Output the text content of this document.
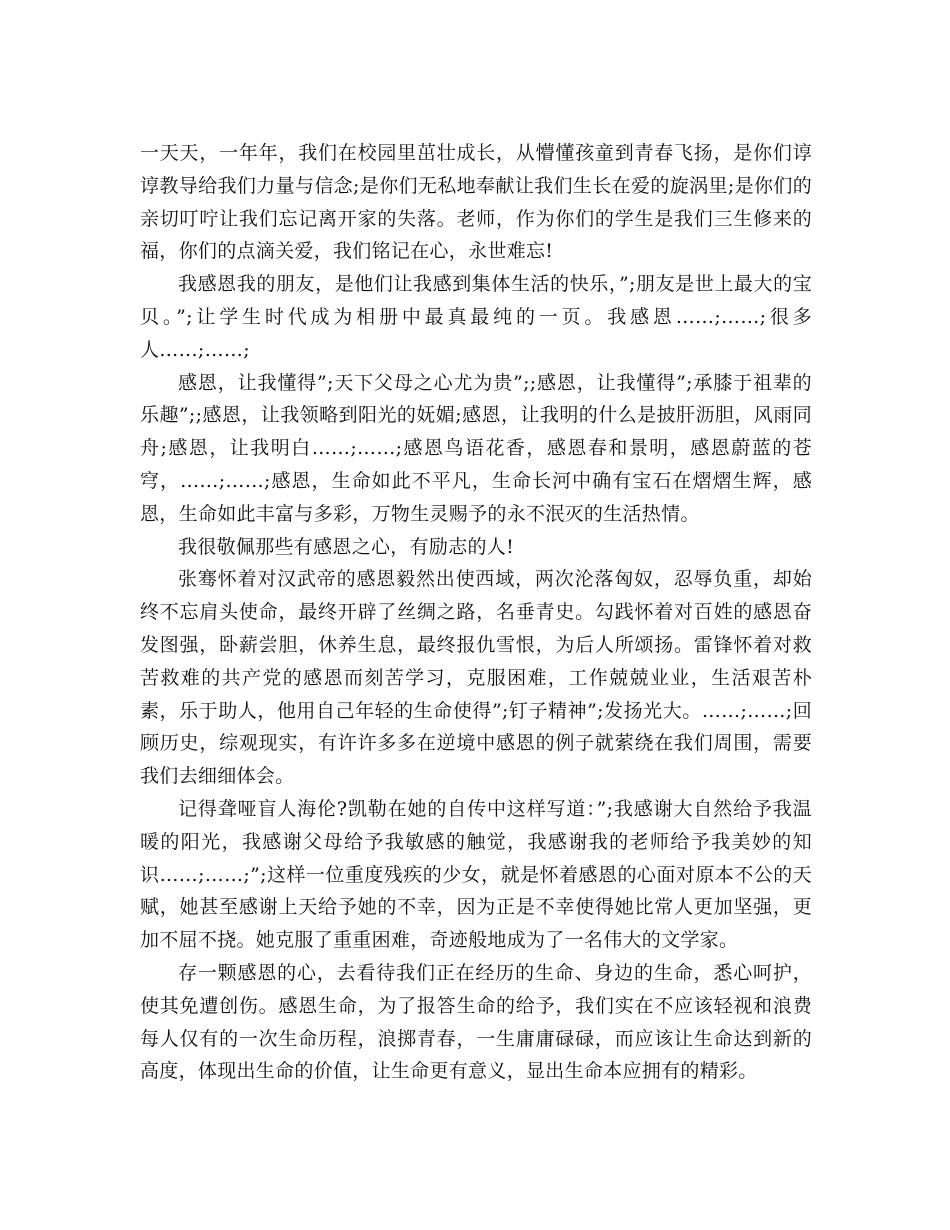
一天天，一年年，我们在校园里茁壮成长，从懵懂孩童到青春飞扬，是你们谆谆教导给我们力量与信念;是你们无私地奉献让我们生长在爱的旋涡里;是你们的亲切叮咛让我们忘记离开家的失落。老师，作为你们的学生是我们三生修来的福，你们的点滴关爱，我们铭记在心，永世难忘!

我感恩我的朋友，是他们让我感到集体生活的快乐，”;朋友是世上最大的宝贝。”;让学生时代成为相册中最真最纯的一页。我感恩……;……;很多人……;……;

感恩，让我懂得”;天下父母之心尤为贵”;;感恩，让我懂得”;承膝于祖辈的乐趣”;;感恩，让我领略到阳光的妩媚;感恩，让我明的什么是披肝沥胆，风雨同舟;感恩，让我明白……;……;感恩鸟语花香，感恩春和景明，感恩蔚蓝的苍穹，……;……;感恩，生命如此不平凡，生命长河中确有宝石在熠熠生辉，感恩，生命如此丰富与多彩，万物生灵赐予的永不泯灭的生活热情。

我很敬佩那些有感恩之心，有励志的人!

张骞怀着对汉武帝的感恩毅然出使西域，两次沦落匈奴，忍辱负重，却始终不忘肩头使命，最终开辟了丝绸之路，名垂青史。勾践怀着对百姓的感恩奋发图强，卧薪尝胆，休养生息，最终报仇雪恨，为后人所颂扬。雷锋怀着对救苦救难的共产党的感恩而刻苦学习，克服困难，工作兢兢业业，生活艰苦朴素，乐于助人，他用自己年轻的生命使得”;钉子精神”;发扬光大。……;……;回顾历史，综观现实，有许许多多在逆境中感恩的例子就萦绕在我们周围，需要我们去细细体会。

记得聋哑盲人海伦?凯勒在她的自传中这样写道：”;我感谢大自然给予我温暖的阳光，我感谢父母给予我敏感的触觉，我感谢我的老师给予我美妙的知识……;……;”;这样一位重度残疾的少女，就是怀着感恩的心面对原本不公的天赋，她甚至感谢上天给予她的不幸，因为正是不幸使得她比常人更加坚强，更加不屈不挠。她克服了重重困难，奇迹般地成为了一名伟大的文学家。

存一颗感恩的心，去看待我们正在经历的生命、身边的生命，悉心呵护，使其免遭创伤。感恩生命，为了报答生命的给予，我们实在不应该轻视和浪费每人仅有的一次生命历程，浪掷青春，一生庸庸碌碌，而应该让生命达到新的高度，体现出生命的价值，让生命更有意义，显出生命本应拥有的精彩。
